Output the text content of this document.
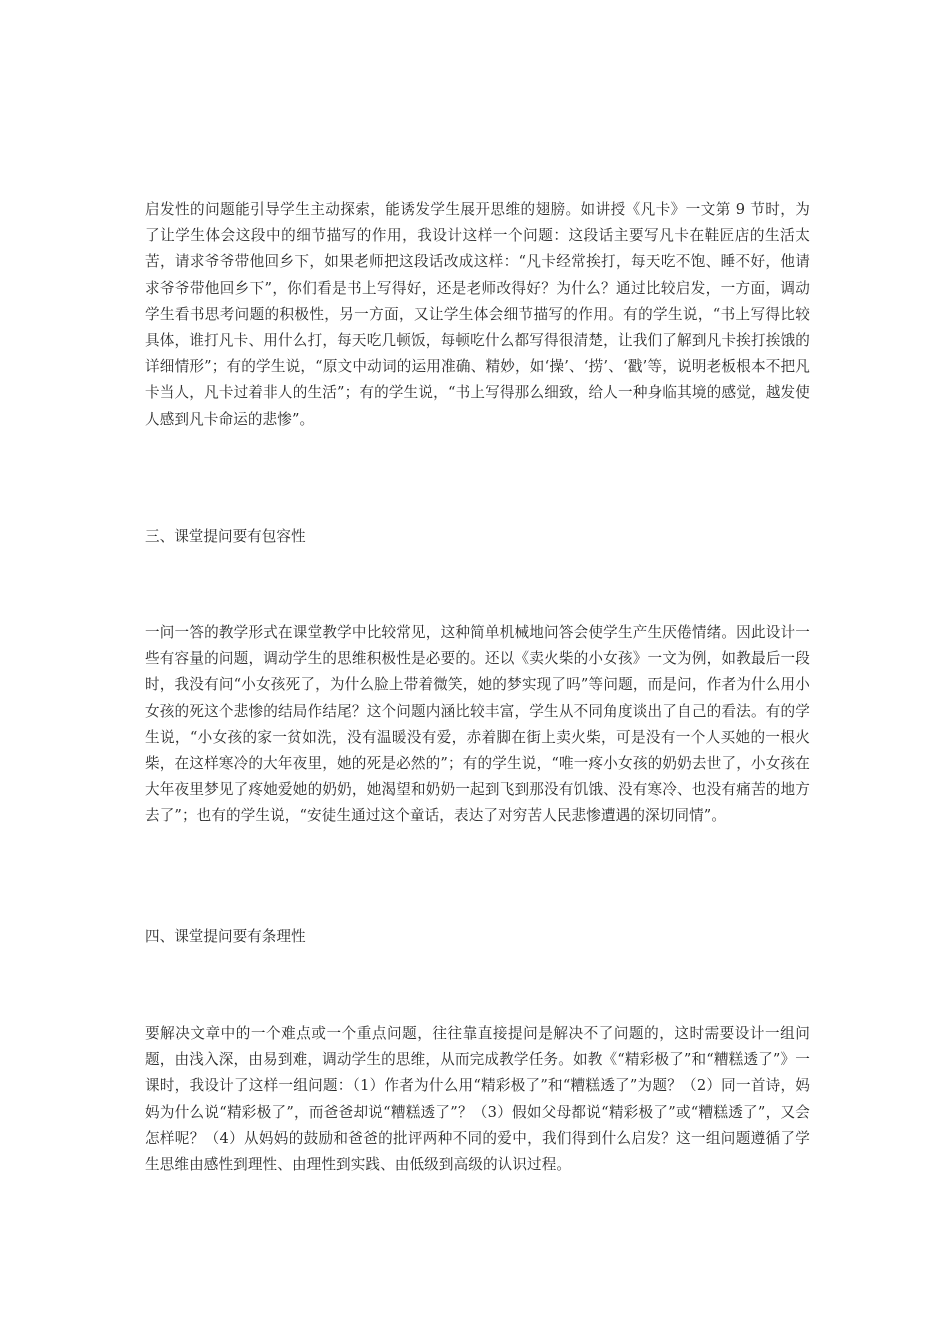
启发性的问题能引导学生主动探索，能诱发学生展开思维的翅膀。如讲授《凡卡》一文第 9 节时，为了让学生体会这段中的细节描写的作用，我设计这样一个问题：这段话主要写凡卡在鞋匠店的生活太苦，请求爷爷带他回乡下，如果老师把这段话改成这样：“凡卡经常挨打，每天吃不饱、睡不好，他请求爷爷带他回乡下”，你们看是书上写得好，还是老师改得好？为什么？通过比较启发，一方面，调动学生看书思考问题的积极性，另一方面，又让学生体会细节描写的作用。有的学生说，“书上写得比较具体，谁打凡卡、用什么打，每天吃几顿饭，每顿吃什么都写得很清楚，让我们了解到凡卡挨打挨饿的详细情形”；有的学生说，“原文中动词的运用准确、精妙，如‘操’、‘捞’、‘戳’等，说明老板根本不把凡卡当人，凡卡过着非人的生活”；有的学生说，“书上写得那么细致，给人一种身临其境的感觉，越发使人感到凡卡命运的悲惨”。

三、课堂提问要有包容性

一问一答的教学形式在课堂教学中比较常见，这种简单机械地问答会使学生产生厌倦情绪。因此设计一些有容量的问题，调动学生的思维积极性是必要的。还以《卖火柴的小女孩》一文为例，如教最后一段时，我没有问“小女孩死了，为什么脸上带着微笑，她的梦实现了吗”等问题，而是问，作者为什么用小女孩的死这个悲惨的结局作结尾？这个问题内涵比较丰富，学生从不同角度谈出了自己的看法。有的学生说，“小女孩的家一贫如洗，没有温暖没有爱，赤着脚在街上卖火柴，可是没有一个人买她的一根火柴，在这样寒冷的大年夜里，她的死是必然的”；有的学生说，“唯一疼小女孩的奶奶去世了，小女孩在大年夜里梦见了疼她爱她的奶奶，她渴望和奶奶一起到飞到那没有饥饿、没有寒冷、也没有痛苦的地方去了”；也有的学生说，“安徒生通过这个童话，表达了对穷苦人民悲惨遭遇的深切同情”。

四、课堂提问要有条理性

要解决文章中的一个难点或一个重点问题，往往靠直接提问是解决不了问题的，这时需要设计一组问题，由浅入深，由易到难，调动学生的思维，从而完成教学任务。如教《“精彩极了”和“糟糕透了”》一课时，我设计了这样一组问题：（1）作者为什么用“精彩极了”和“糟糕透了”为题？（2）同一首诗，妈妈为什么说“精彩极了”，而爸爸却说“糟糕透了”？（3）假如父母都说“精彩极了”或“糟糕透了”，又会怎样呢？（4）从妈妈的鼓励和爸爸的批评两种不同的爱中，我们得到什么启发？这一组问题遵循了学生思维由感性到理性、由理性到实践、由低级到高级的认识过程。
